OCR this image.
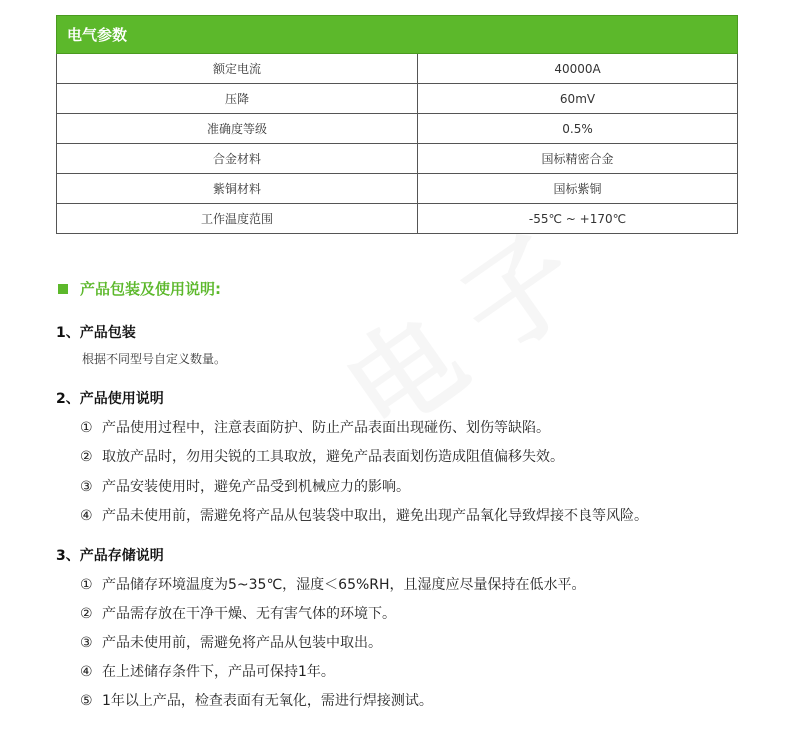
电气参数	
额定电流	40000A
压降	60mV
准确度等级	0.5%
合金材料	国标精密合金
紫铜材料	国标紫铜
工作温度范围	-55℃ ~ +170℃
产品包装及使用说明:
1、产品包装
根据不同型号自定义数量。
2、产品使用说明
① 产品使用过程中，注意表面防护、防止产品表面出现碰伤、划伤等缺陷。
② 取放产品时，勿用尖锐的工具取放，避免产品表面划伤造成阻值偏移失效。
③ 产品安装使用时，避免产品受到机械应力的影响。
④ 产品未使用前，需避免将产品从包装袋中取出，避免出现产品氧化导致焊接不良等风险。
3、产品存储说明
① 产品储存环境温度为5~35℃，湿度＜65%RH，且湿度应尽量保持在低水平。
② 产品需存放在干净干燥、无有害气体的环境下。
③ 产品未使用前，需避免将产品从包装中取出。
④ 在上述储存条件下，产品可保持1年。
⑤ 1年以上产品，检查表面有无氧化，需进行焊接测试。
